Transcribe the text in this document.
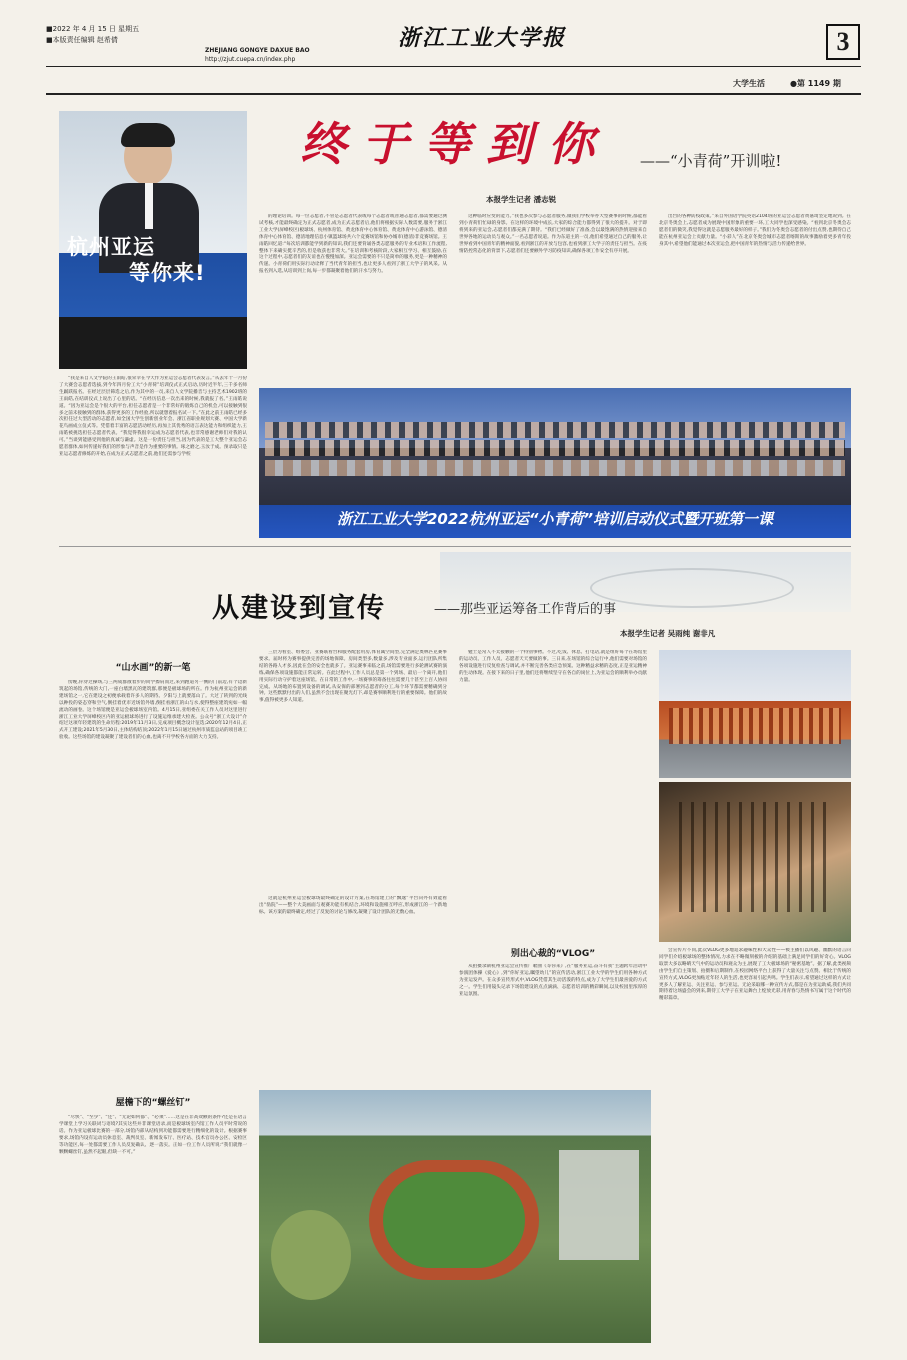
■2022 年 4 月 15 日 星期五
■本版责任编辑 赵希倩	浙江工业大学报
ZHEJIANG GONGYE DAXUE BAO
http://zjut.cuepa.cn/index.php
3
大学生活	●第 1149 期
杭州亚运
等你来!
终于等到你 ——“小青荷”开训啦!
本报学生记者 潘志锐

“我是来自人文学院的王雨皓,很荣幸在今天作为亚运会志愿者代表发言。”从去年十一月份了大赛会志愿者选拔,到今年四月份工大“小青荷”培训仪式正式启动,历时近半年,三千多名师生踊跃报名。在经过层层筛选之后,作为其中的一员,来自人文学院播音与主持艺术1902班的王雨皓,在结训仪式上说出了心里的话。“在经历信息一次出来的时候,我就报了名。”王雨皓说道。“因为亚运会是个很大的平台,担任志愿者是一个非常好的锻炼自己的机会,可以接触到很多之前未接触到的群体,获得更多的工作经验,所以就想着报名试一下。”在此之前王雨皓已经多次担任过大型活动的志愿者,如全国大学生创新创业年会、浙江省职业规划大赛、中国大学新花鸟画成立仪式等。凭借着丰富的志愿活动经历,再加上其优秀的语言表达能力和组织能力,王雨皓被挑选担任志愿者代表。“我觉得我很幸运成为志愿者代表,也非常感谢老师们对我的认可。”当谈到能感受到他的真诚与谦虚。这是一份责任与担当,因为代表的是工大整个亚运会志愿者群体,如何传递好我们的形象与声音是作为重要的事情。琢之磨之,玉汝于成。预录取只是亚运志愿者修炼的开始,在成为正式志愿者之前,他们还需参与学校

的理论培训。每一位志愿者,不管是志愿者代表或每个志愿者或普通志愿者,都需要通过测试考核,才能最终确定为正式志愿者,成为正式志愿者后,他们将根据实际人数需要,服务于浙江工业大学(屏峰校区)板球场、杭州体育馆、黄龙体育中心体育馆、黄龙体育中心游泳馆、德清体育中心体育馆、德清地理信息小镇篮球场共六个竞赛场馆和协办城市(德清)非竞赛场馆。王雨皓回忆道:“每次培训都能学到新的知识,我们还要背诵各类志愿服务的专业术语和工作流程,整体下来确实挺辛苦的,但是收获也非常大。”在培训和考核阶段,大家相互学习、相互鼓励,在这个过程中,志愿者们的友谊也在慢慢加深。亚运会需要的不只是简单的服务,更是一种精神的传递。小青荷们用实际行动诠释了当代青年的担当,也让更多人看到了浙工大学子的风采。从报名到入选,从培训到上岗,每一步都凝聚着他们的汗水与努力。

这种临时应变的能力。”我也多次参与志愿者服务,微我们学校举办大型赛事的时候,都能看到小青荷们忙碌的身影。在这样的环境中成长,大家的综合能力都得到了很大的提升。对于即将到来的亚运会,志愿者们都充满了期待。“我们已经做好了准备,会以最饱满的热情迎接来自世界各地的运动员与观众。”一名志愿者说道。作为东道主的一员,他们希望通过自己的服务,让世界看到中国青年的精神面貌,看到浙江的开放与包容,也看到浙工大学子的责任与担当。在疫情防控常态化的背景下,志愿者们还要额外学习防疫知识,确保各项工作安全有序开展。

出台的各种防疫政策。”来自外国语学院英语2104班的亚运会志愿者黄嘉琦坚定地说到。在北京冬奥会上,志愿者成为展现中国形象的重要一环,工大同学也深受感染。“看到北京冬奥会志愿者们的微笑,我觉得这就是志愿服务最好的样子。”我们为冬奥会志愿者的付出点赞,也期待自己能在杭州亚运会上贡献力量。“小彩人”在北京冬奥会城市志愿者喀斯的故事激励着更多青年投身其中,希望他们能通过本次亚运会,把中国青年的热情与活力传递给世界。

浙江工业大学2022杭州亚运“小青荷”培训启动仪式暨开班第一课
从建设到宣传	——那些亚运筹备工作背后的事
本报学生记者 吴雨纯 谢非凡
“山水画”的新一笔

傍晚,你穿过操场,与三两成群散着步的同学擦肩而过,来到跑道另一侧的门前边,有个边新筑起的场馆,传统的大门,一座白墙黑瓦的建筑群,那便是板球场的所在。作为杭州亚运会的新建场馆之一,它在建设之初便承载着许多人的期待。夕阳与上就要落山了。大过了转到的光线以种投的姿态穿和空气,倒挂着优市近场馆外墙,倒挂看浙江的山与水,使得整座建筑宛如一幅流动的画卷。这个场馆便是亚运会板球场室内馆。4月15日,亚组委在关工作人员对这里进行浙江工业大学屏峰校区内的亚运板球场进行了设施运维承建大检查。公众号“浙工大设计”介绍过这项年轻建筑的生命历程:2019年11月3日,完成项目概念设计征选;2020年12月4日,正式开工建设;2021年5月30日,主体结构结顶;2022年1月15日通过杭州市质监总站的项目竣工验收。这些场馆的建设凝聚了建设者们的心血,也离不开学校各方面的大力支持。

屋檐下的“螺丝钉”

“尽快”、“至少”、“还”、“无论如何都”、“必须”……这是在非高效额的条件?还是在语言学课堂上学习关联词与语境?其实这些并非课堂语录,而是板球场室内馆工作人员平时常说的话。作为亚运板球比赛的一部分,场馆内部从结构到功能都需要进行精细化的设计。根据赛事要求,场馆内设有运动员休息室、裁判员室、新闻发布厅、医疗站、技术官员办公区、安检区等功能区,每一处都需要工作人员反复确认、逐一落实。正如一位工作人员所说:“我们就像一颗颗螺丝钉,虽然不起眼,但缺一不可。”

三层为看室、组委会、亚赛联看台和服务配套用房,体育属空间型,完全满足奥林匹克赛事要求。届时将为赛事提供完善的场地保障。房间类型多,数量多,涉及专业面多,运行团队所集结的各路人才多,因此在会的安全也就多了。亚运赛事来临之前,场馆需要进行多轮测试赛的演练,确保各项设施都能正常运转。在此过程中,工作人员总是第一个到场、最后一个离开,他们用实际行动守护着这座场馆。在日常的工作中,一场赛事的筹备往往需要几十甚至上百人协同完成。从场地的布置到设备的调试,从安保的部署到志愿者的分工,每个环节都需要精确到分钟。这些默默付出的人们,虽然不会出现在聚光灯下,却是赛事顺利进行的重要保障。他们的故事,值得被更多人知道。

这就是杭州亚运会板球场最终确定的设计方案,在场馆建上的“飘逸”平台向外有效能看出“翁院”——整个大美画面与观赛功能有机结合,环境和设施相互呼应,形成浙江的一个新地标。该方案的最终确定,经过了反复的讨论与修改,凝聚了设计团队的无数心血。

勉士是常人不太接触的一个特别事物。不过,吃饭、休息、打电话,就是组好每个在场馆里的运动员、工作人员、志愿者天天要做的事。三日来,在场馆的综合运行中,他们需要对场馆的各项设施进行反复检查与调试,并不断完善各类应急预案。这种精益求精的态度,正是亚运精神的生动体现。在接下来的日子里,他们还将继续坚守在各自的岗位上,为亚运会的顺利举办贡献力量。

别出心裁的“VLOG”

从拍摄录制杭州亚运会宣传推广歌曲《等你来》,在“服务亚运,奋斗有我”主题跨年活动中参演团体操《爱心》,到“你好亚运,瞩望幼儿”的宣传活动,浙江工业大学的学生们用各种方式为亚运发声。在众多宣传形式中,VLOG凭借其生动活泼的特点,成为了大学生们最喜爱的方式之一。学生们用镜头记录下场馆建设的点点滴滴、志愿者培训的精彩瞬间,以及校园里浓厚的亚运氛围。

会宣传片不同,此次VLOG更多地追求趣味性和大众性——被主播们以风趣、幽默的语言向同学们介绍板球场的整体情况,力求在不略微刻板的介绍的基础上满足同学们的好奇心。VLOG取景大多以略晴天气中的运动员和观众为主,展现了工大板球场的“秘密基地”。据了解,此类视频由学生们自主策划、拍摄和后期制作,在校园网络平台上获得了大量关注与点赞。相比于传统的宣传方式,VLOG更加贴近年轻人的生活,也更容易引起共鸣。学生们表示,希望通过这样的方式让更多人了解亚运、关注亚运、参与亚运。无论采取哪一种宣传方式,都是在为亚运助威,我们共同期待着这场盛会的到来,期待工大学子在亚运舞台上绽放光彩,用青春与热情书写属于这个时代的精彩篇章。
